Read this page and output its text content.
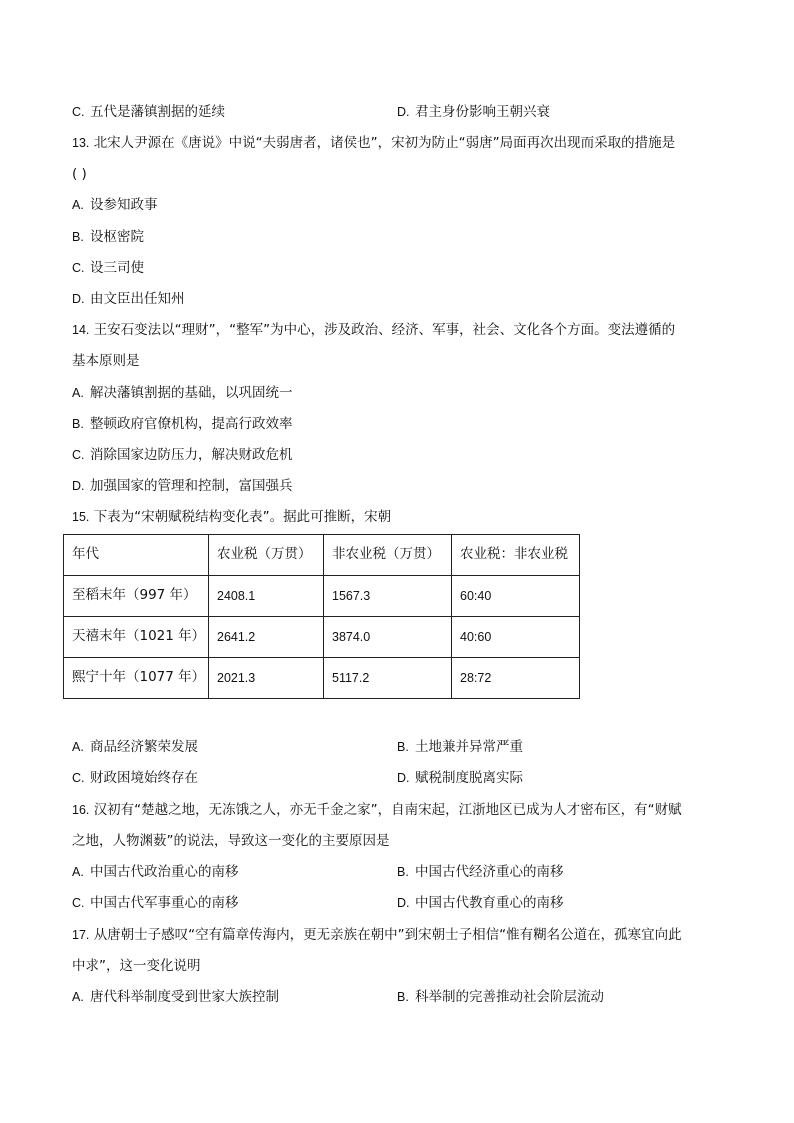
C. 五代是藩镇割据的延续	D. 君主身份影响王朝兴衰
13. 北宋人尹源在《唐说》中说“夫弱唐者，诸侯也”，宋初为防止“弱唐”局面再次出现而采取的措施是
( )
A. 设参知政事
B. 设枢密院
C. 设三司使
D. 由文臣出任知州
14. 王安石变法以“理财”，“整军”为中心，涉及政治、经济、军事，社会、文化各个方面。变法遵循的
基本原则是
A. 解决藩镇割据的基础，以巩固统一
B. 整顿政府官僚机构，提高行政效率
C. 消除国家边防压力，解决财政危机
D. 加强国家的管理和控制，富国强兵
15. 下表为“宋朝赋税结构变化表”。据此可推断，宋朝
年代	农业税（万贯）	非农业税（万贯）	农业税：非农业税
至稻末年（997 年）	2408.1	1567.3	60:40
天禧末年（1021 年）	2641.2	3874.0	40:60
熙宁十年（1077 年）	2021.3	5117.2	28:72
A. 商品经济繁荣发展	B. 土地兼并异常严重
C. 财政困境始终存在	D. 赋税制度脱离实际
16. 汉初有“楚越之地，无冻饿之人，亦无千金之家”，自南宋起，江浙地区已成为人才密布区，有“财赋
之地，人物渊薮”的说法，导致这一变化的主要原因是
A. 中国古代政治重心的南移	B. 中国古代经济重心的南移
C. 中国古代军事重心的南移	D. 中国古代教育重心的南移
17. 从唐朝士子感叹“空有篇章传海内，更无亲族在朝中”到宋朝士子相信“惟有糊名公道在，孤寒宜向此
中求”，这一变化说明
A. 唐代科举制度受到世家大族控制	B. 科举制的完善推动社会阶层流动
